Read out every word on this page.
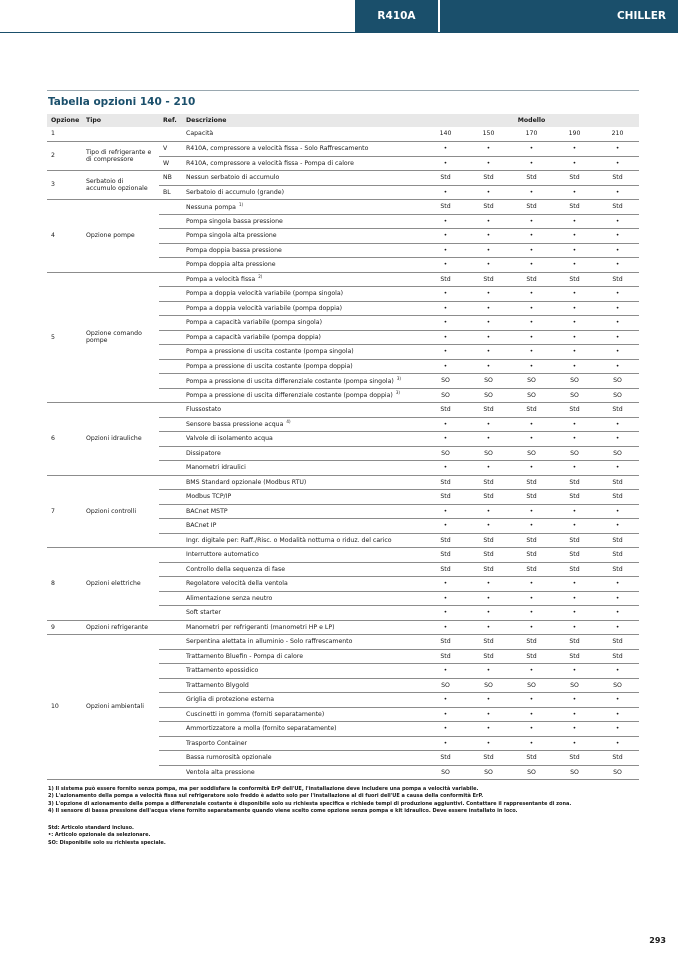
R410A	CHILLER
Tabella opzioni 140 - 210
Opzione	Tipo	Ref.	Descrizione	Modello				
1			Capacità	140	150	170	190	210
2	Tipo di refrigerante e di compressore	V	R410A, compressore a velocità fissa - Solo Raffrescamento	•	•	•	•	•
		W	R410A, compressore a velocità fissa - Pompa di calore	•	•	•	•	•
3	Serbatoio di accumulo opzionale	NB	Nessun serbatoio di accumulo	Std	Std	Std	Std	Std
		BL	Serbatoio di accumulo (grande)	•	•	•	•	•
4	Opzione pompe		Nessuna pompa $^{1)}$	Std	Std	Std	Std	Std
			Pompa singola bassa pressione	•	•	•	•	•
			Pompa singola alta pressione	•	•	•	•	•
			Pompa doppia bassa pressione	•	•	•	•	•
			Pompa doppia alta pressione	•	•	•	•	•
5	Opzione comando pompe		Pompa a velocità fissa $^{2)}$	Std	Std	Std	Std	Std
			Pompa a doppia velocità variabile (pompa singola)	•	•	•	•	•
			Pompa a doppia velocità variabile (pompa doppia)	•	•	•	•	•
			Pompa a capacità variabile (pompa singola)	•	•	•	•	•
			Pompa a capacità variabile (pompa doppia)	•	•	•	•	•
			Pompa a pressione di uscita costante (pompa singola)	•	•	•	•	•
			Pompa a pressione di uscita costante (pompa doppia)	•	•	•	•	•
			Pompa a pressione di uscita differenziale costante (pompa singola) $^{3)}$	SO	SO	SO	SO	SO
			Pompa a pressione di uscita differenziale costante (pompa doppia) $^{3)}$	SO	SO	SO	SO	SO
6	Opzioni idrauliche		Flussostato	Std	Std	Std	Std	Std
			Sensore bassa pressione acqua $^{4)}$	•	•	•	•	•
			Valvole di isolamento acqua	•	•	•	•	•
			Dissipatore	SO	SO	SO	SO	SO
			Manometri idraulici	•	•	•	•	•
7	Opzioni controlli		BMS Standard opzionale (Modbus RTU)	Std	Std	Std	Std	Std
			Modbus TCP/IP	Std	Std	Std	Std	Std
			BACnet MSTP	•	•	•	•	•
			BACnet IP	•	•	•	•	•
			Ingr. digitale per: Raff./Risc. o Modalità notturna o riduz. del carico	Std	Std	Std	Std	Std
8	Opzioni elettriche		Interruttore automatico	Std	Std	Std	Std	Std
			Controllo della sequenza di fase	Std	Std	Std	Std	Std
			Regolatore velocità della ventola	•	•	•	•	•
			Alimentazione senza neutro	•	•	•	•	•
			Soft starter	•	•	•	•	•
9	Opzioni refrigerante		Manometri per refrigeranti (manometri HP e LP)	•	•	•	•	•
10	Opzioni ambientali		Serpentina alettata in alluminio - Solo raffrescamento	Std	Std	Std	Std	Std
			Trattamento Bluefin - Pompa di calore	Std	Std	Std	Std	Std
			Trattamento epossidico	•	•	•	•	•
			Trattamento Blygold	SO	SO	SO	SO	SO
			Griglia di protezione esterna	•	•	•	•	•
			Cuscinetti in gomma (forniti separatamente)	•	•	•	•	•
			Ammortizzatore a molla (fornito separatamente)	•	•	•	•	•
			Trasporto Container	•	•	•	•	•
			Bassa rumorosità opzionale	Std	Std	Std	Std	Std
			Ventola alta pressione	SO	SO	SO	SO	SO
1) Il sistema può essere fornito senza pompa, ma per soddisfare la conformità ErP dell'UE, l'installazione deve includere una pompa a velocità variabile.
2) L'azionamento della pompa a velocità fissa sul refrigeratore solo freddo è adatto solo per l'installazione al di fuori dell'UE a causa della conformità ErP.
3) L'opzione di azionamento della pompa a differenziale costante è disponibile solo su richiesta specifica e richiede tempi di produzione aggiuntivi. Contattare il rappresentante di zona.
4) Il sensore di bassa pressione dell'acqua viene fornito separatamente quando viene scelto come opzione senza pompa e kit idraulico. Deve essere installato in loco.
Std: Articolo standard incluso.
•: Articolo opzionale da selezionare.
SO: Disponibile solo su richiesta speciale.
293
